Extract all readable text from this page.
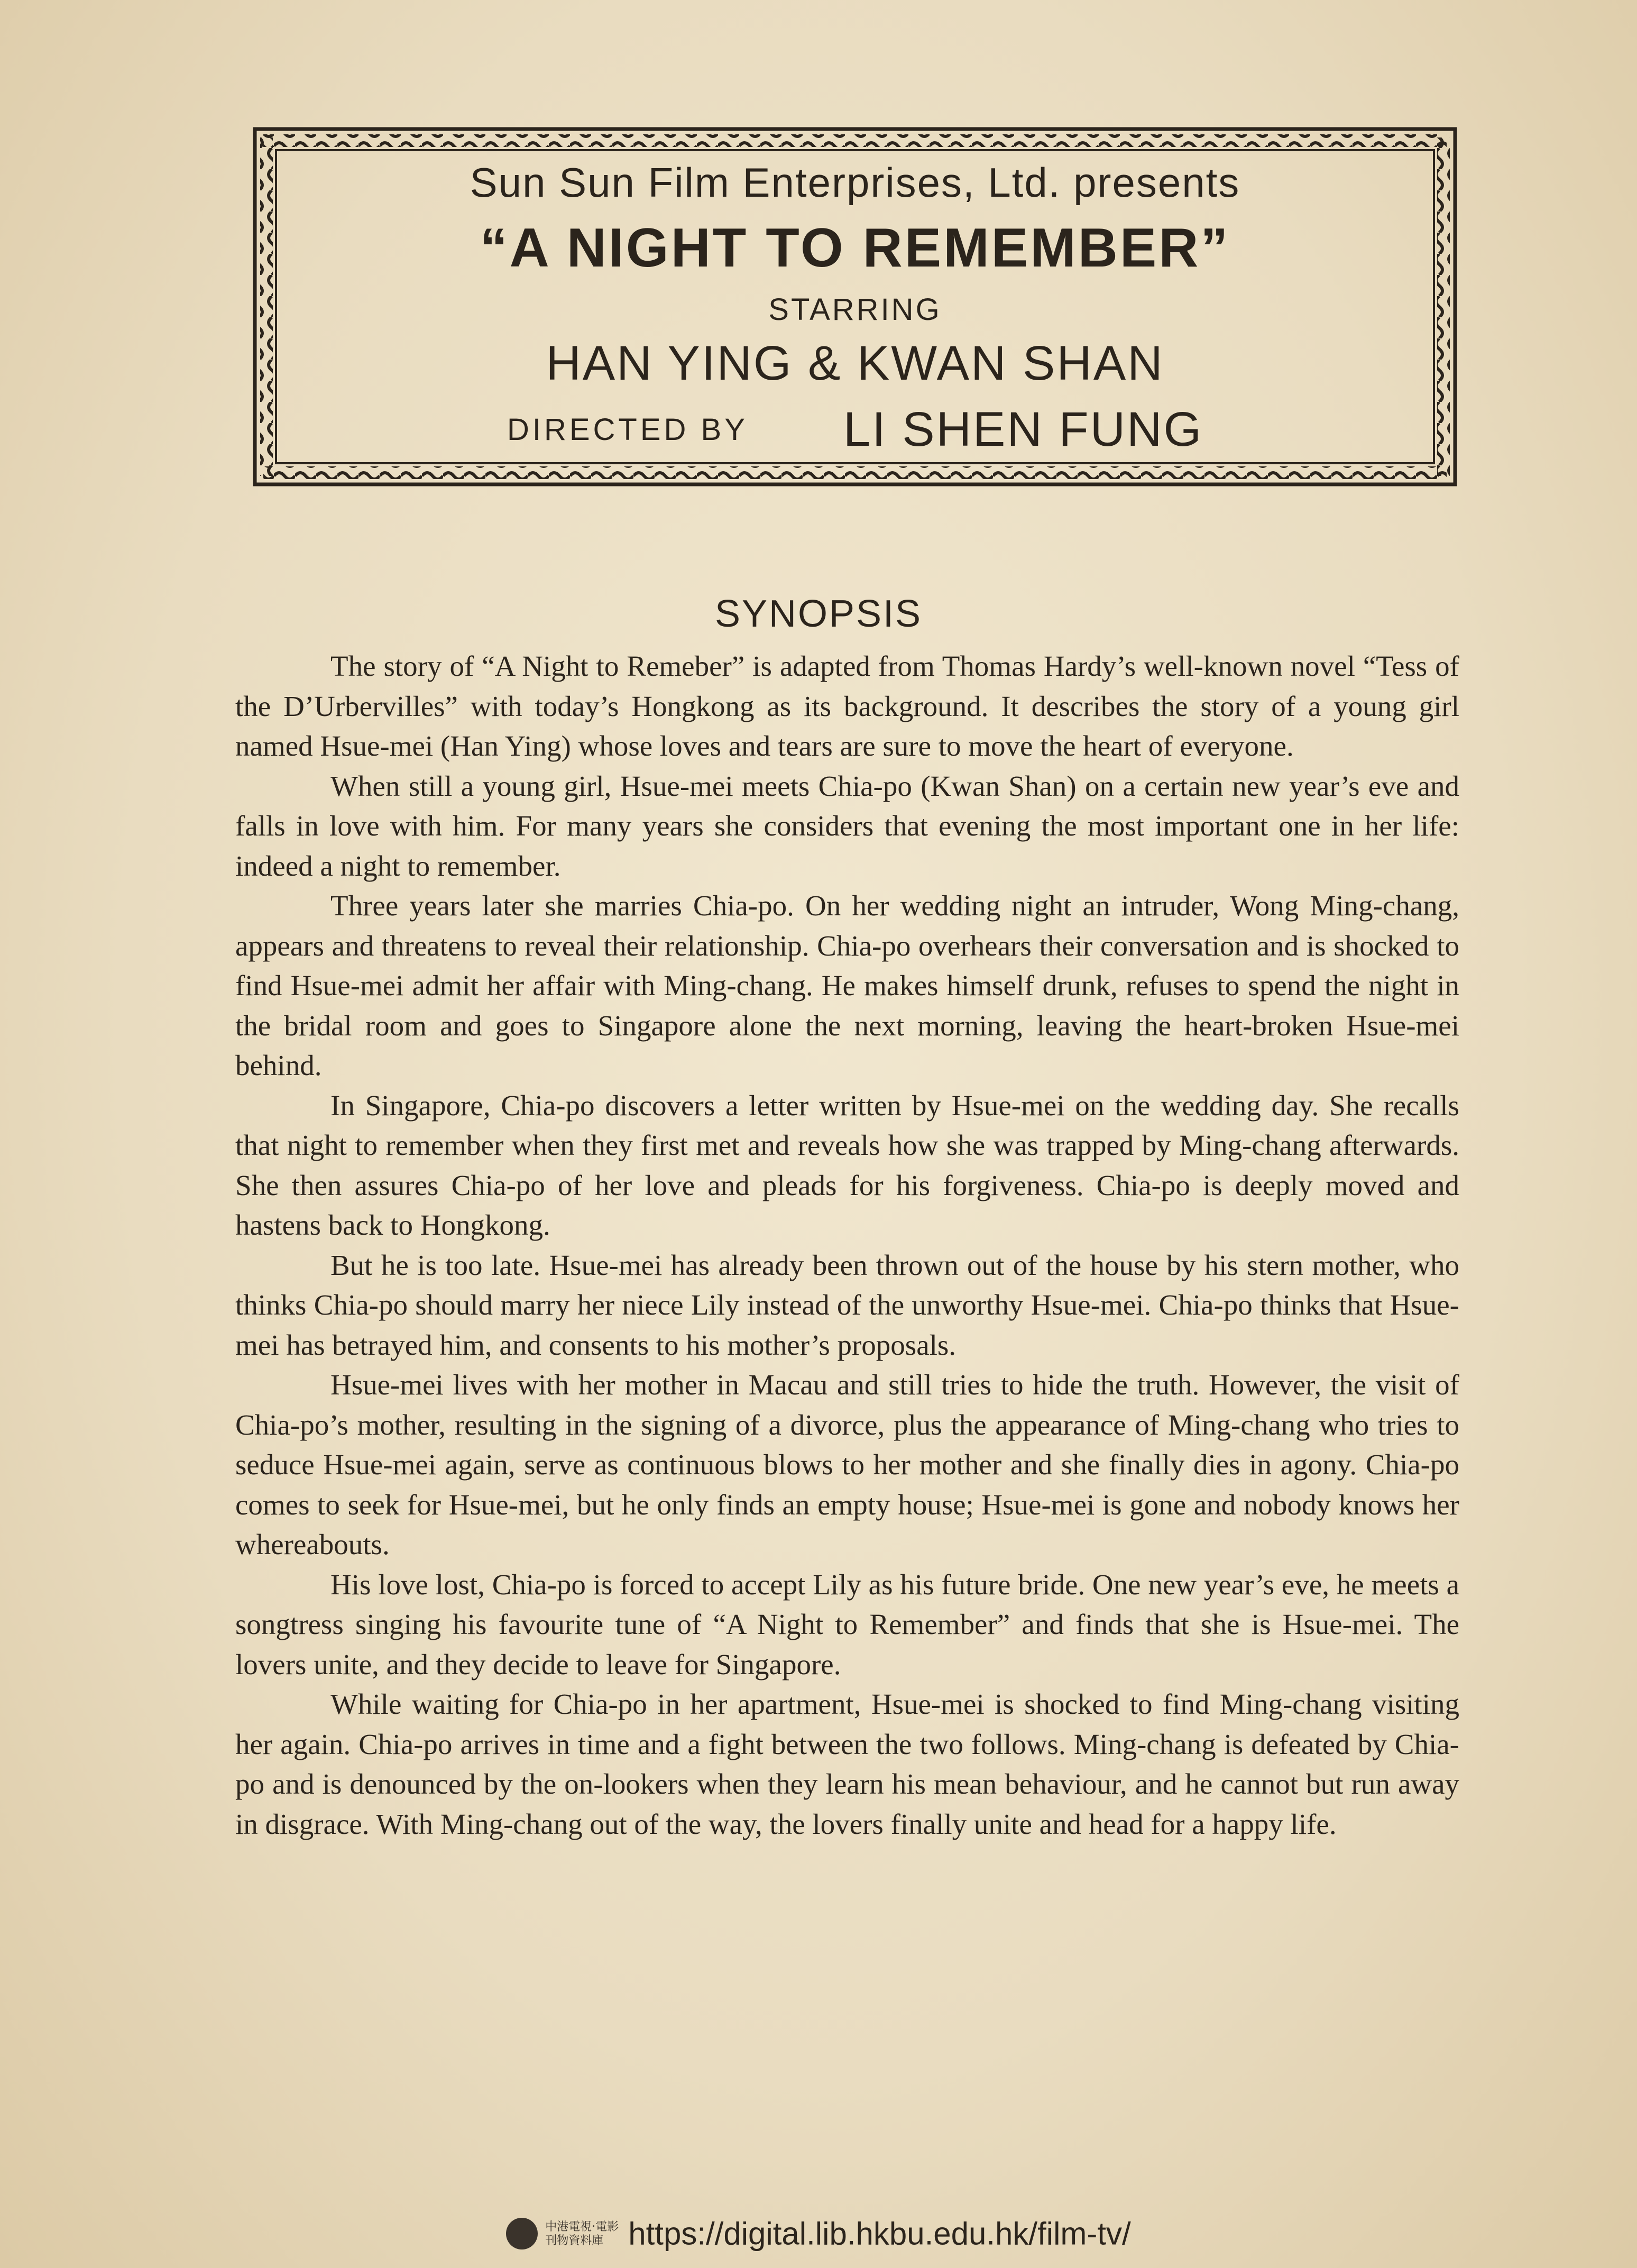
Sun Sun Film Enterprises, Ltd. presents
“A NIGHT TO REMEMBER”
STARRING
HAN YING & KWAN SHAN
DIRECTED BY LI SHEN FUNG
SYNOPSIS

The story of “A Night to Remeber” is adapted from Thomas Hardy’s well-known novel “Tess of the D’Urbervilles” with today’s Hongkong as its background. It describes the story of a young girl named Hsue-mei (Han Ying) whose loves and tears are sure to move the heart of everyone.

When still a young girl, Hsue-mei meets Chia-po (Kwan Shan) on a certain new year’s eve and falls in love with him. For many years she considers that evening the most important one in her life: indeed a night to remember.

Three years later she marries Chia-po. On her wedding night an intruder, Wong Ming-chang, appears and threatens to reveal their relationship. Chia-po overhears their conversation and is shocked to find Hsue-mei admit her affair with Ming-chang. He makes himself drunk, refuses to spend the night in the bridal room and goes to Singapore alone the next morning, leaving the heart-broken Hsue-mei behind.

In Singapore, Chia-po discovers a letter written by Hsue-mei on the wedding day. She recalls that night to remember when they first met and reveals how she was trapped by Ming-chang afterwards. She then assures Chia-po of her love and pleads for his forgiveness. Chia-po is deeply moved and hastens back to Hongkong.

But he is too late. Hsue-mei has already been thrown out of the house by his stern mother, who thinks Chia-po should marry her niece Lily instead of the unworthy Hsue-mei. Chia-po thinks that Hsue-mei has betrayed him, and consents to his mother’s proposals.

Hsue-mei lives with her mother in Macau and still tries to hide the truth. However, the visit of Chia-po’s mother, resulting in the signing of a divorce, plus the appearance of Ming-chang who tries to seduce Hsue-mei again, serve as continuous blows to her mother and she finally dies in agony. Chia-po comes to seek for Hsue-mei, but he only finds an empty house; Hsue-mei is gone and nobody knows her whereabouts.

His love lost, Chia-po is forced to accept Lily as his future bride. One new year’s eve, he meets a songtress singing his favourite tune of “A Night to Remember” and finds that she is Hsue-mei. The lovers unite, and they decide to leave for Singapore.

While waiting for Chia-po in her apartment, Hsue-mei is shocked to find Ming-chang visiting her again. Chia-po arrives in time and a fight between the two follows. Ming-chang is defeated by Chia-po and is denounced by the on-lookers when they learn his mean behaviour, and he cannot but run away in disgrace. With Ming-chang out of the way, the lovers finally unite and head for a happy life.

中港電視‧電影
刊物資料庫 https://digital.lib.hkbu.edu.hk/film-tv/
